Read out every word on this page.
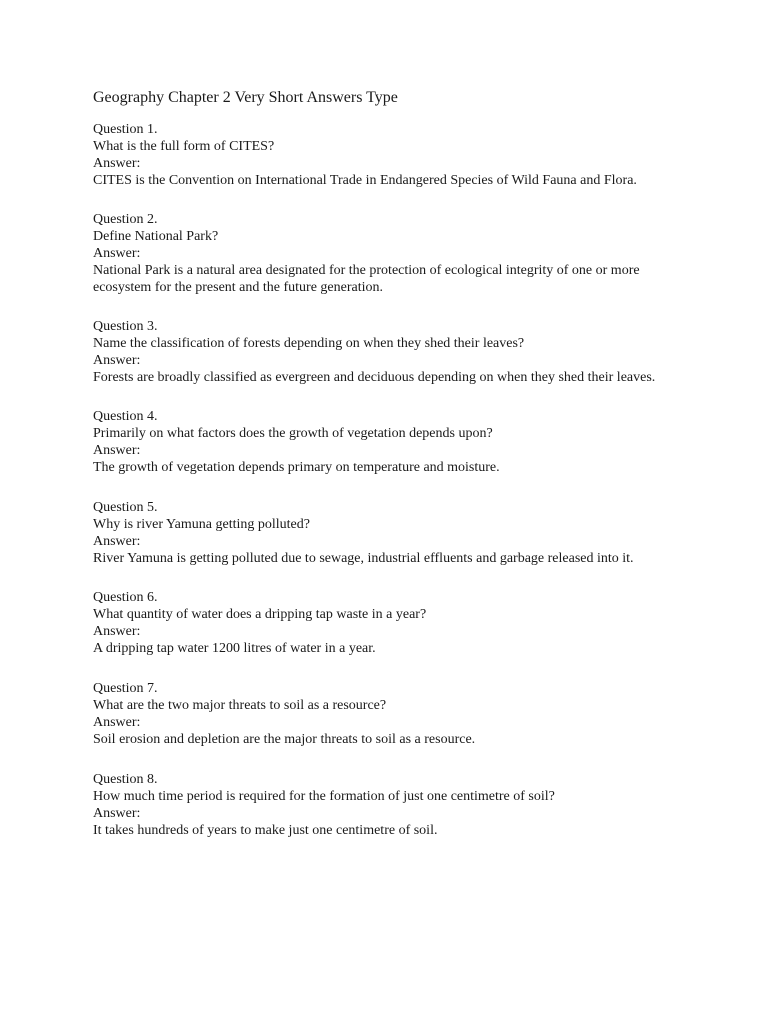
Geography Chapter 2 Very Short Answers Type

Question 1.

What is the full form of CITES?

Answer:

CITES is the Convention on International Trade in Endangered Species of Wild Fauna and Flora.

Question 2.

Define National Park?

Answer:

National Park is a natural area designated for the protection of ecological integrity of one or more ecosystem for the present and the future generation.

Question 3.

Name the classification of forests depending on when they shed their leaves?

Answer:

Forests are broadly classified as evergreen and deciduous depending on when they shed their leaves.

Question 4.

Primarily on what factors does the growth of vegetation depends upon?

Answer:

The growth of vegetation depends primary on temperature and moisture.

Question 5.

Why is river Yamuna getting polluted?

Answer:

River Yamuna is getting polluted due to sewage, industrial effluents and garbage released into it.

Question 6.

What quantity of water does a dripping tap waste in a year?

Answer:

A dripping tap water 1200 litres of water in a year.

Question 7.

What are the two major threats to soil as a resource?

Answer:

Soil erosion and depletion are the major threats to soil as a resource.

Question 8.

How much time period is required for the formation of just one centimetre of soil?

Answer:

It takes hundreds of years to make just one centimetre of soil.
